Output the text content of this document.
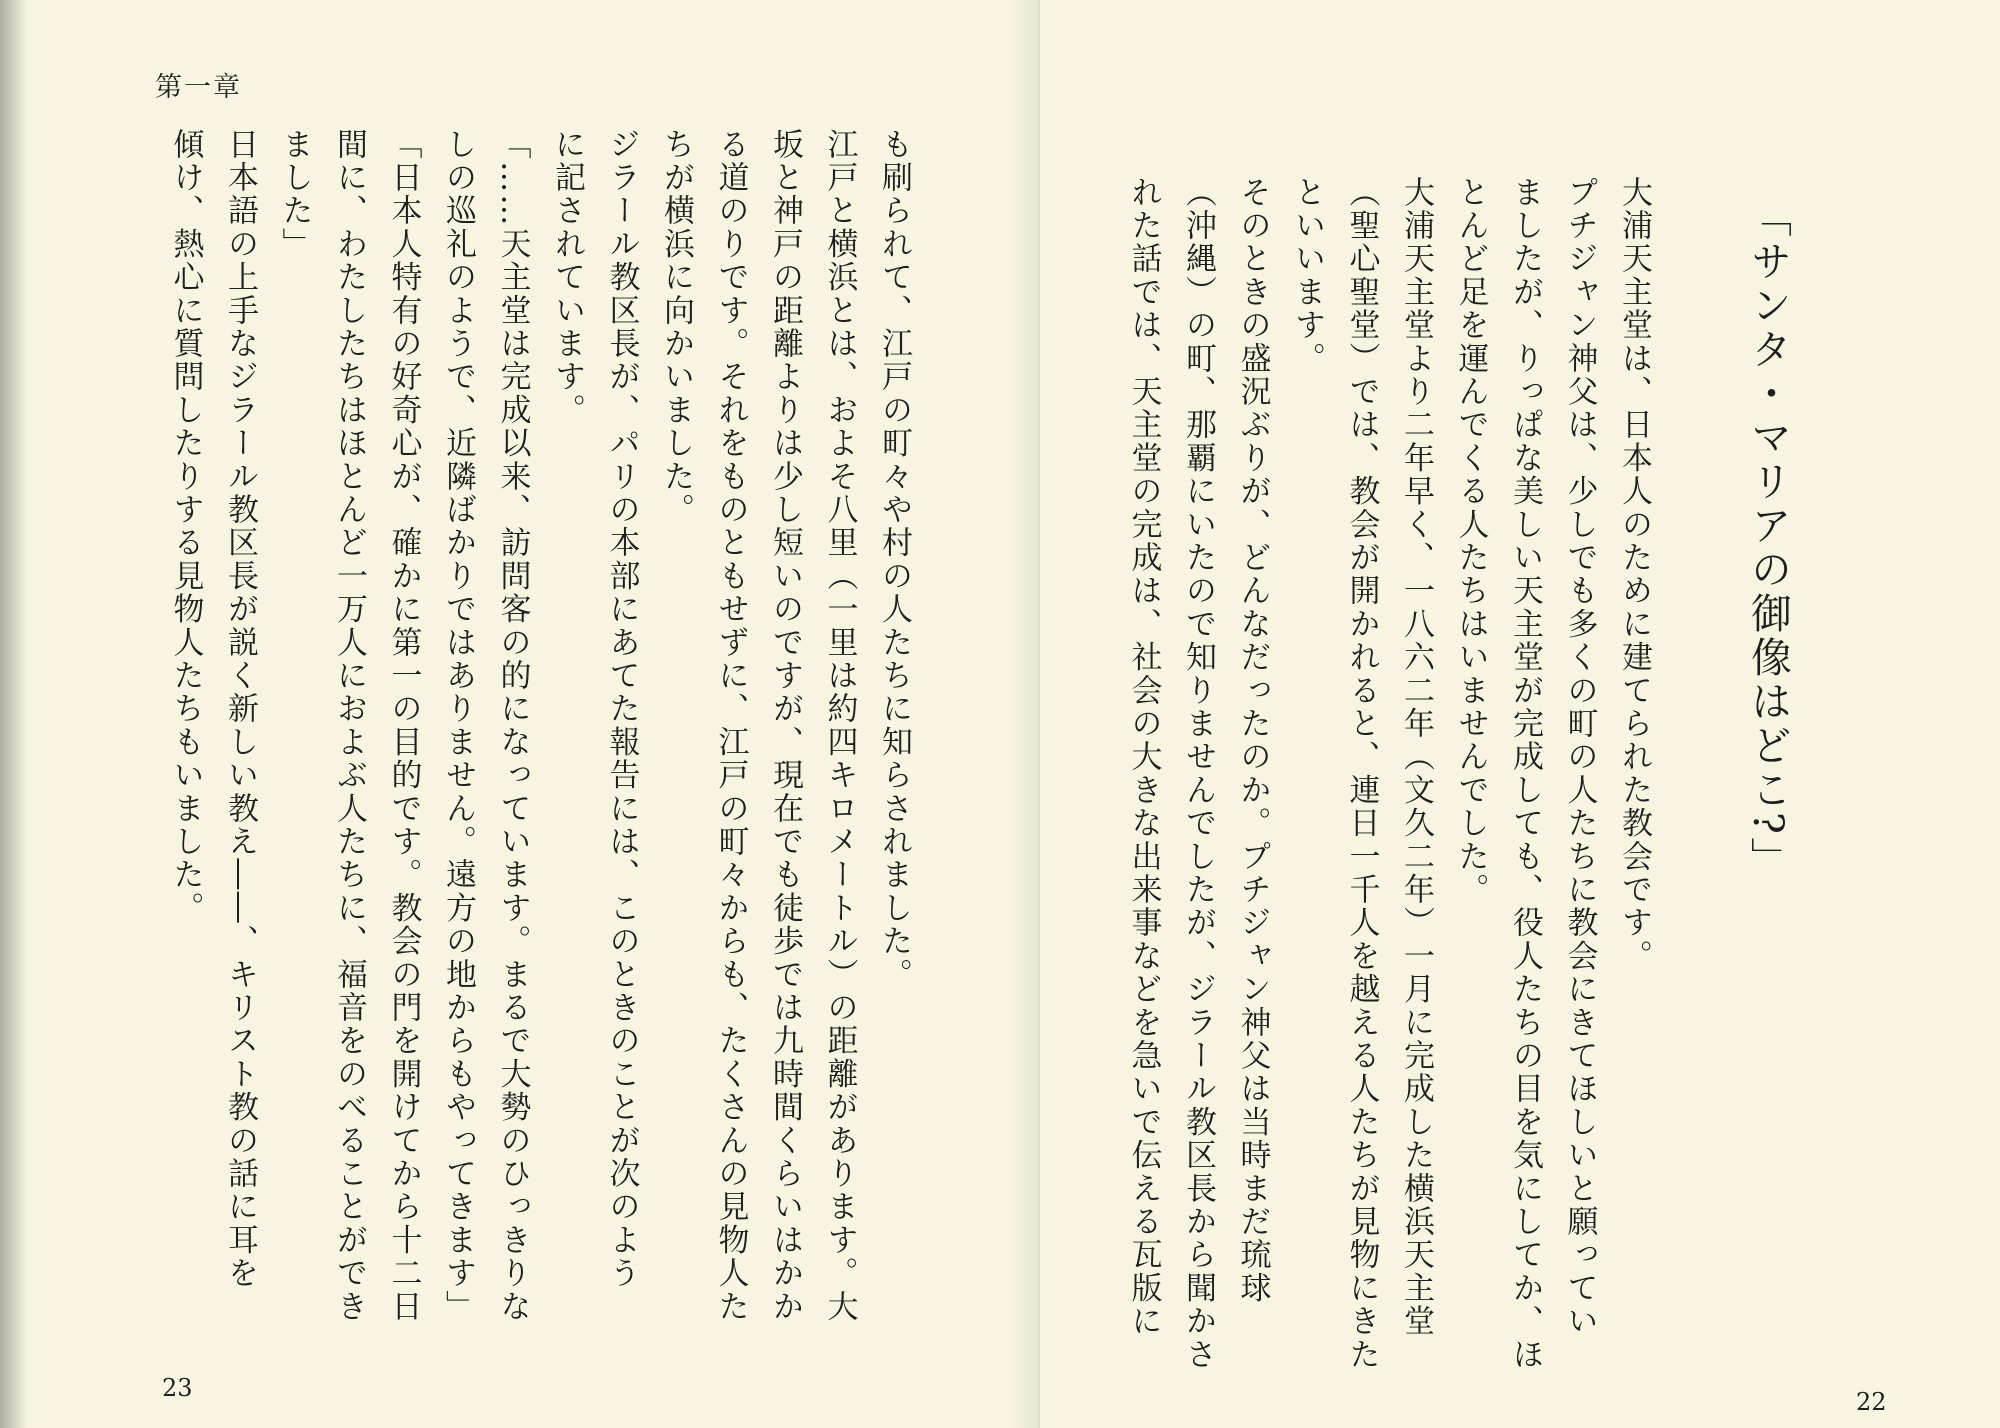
第一章

も刷られて、江戸の町々や村の人たちに知らされました。

江戸と横浜とは、およそ八里（一里は約四キロメートル）の距離があります。大

坂と神戸の距離よりは少し短いのですが、現在でも徒歩では九時間くらいはかか

る道のりです。それをものともせずに、江戸の町々からも、たくさんの見物人た

ちが横浜に向かいました。

ジラール教区長が、パリの本部にあてた報告には、このときのことが次のよう

に記されています。

「……天主堂は完成以来、訪問客の的になっています。まるで大勢のひっきりな

しの巡礼のようで、近隣ばかりではありません。遠方の地からもやってきます」

「日本人特有の好奇心が、確かに第一の目的です。教会の門を開けてから十二日

間に、わたしたちはほとんど一万人におよぶ人たちに、福音をのべることができ

ました」

日本語の上手なジラール教区長が説く新しい教え――、キリスト教の話に耳を

傾け、熱心に質問したりする見物人たちもいました。

23
「サンタ・マリアの御像はどこ?」

大浦天主堂は、日本人のために建てられた教会です。

プチジャン神父は、少しでも多くの町の人たちに教会にきてほしいと願ってい

ましたが、りっぱな美しい天主堂が完成しても、役人たちの目を気にしてか、ほ

とんど足を運んでくる人たちはいませんでした。

大浦天主堂より二年早く、一八六二年（文久二年）一月に完成した横浜天主堂

（聖心聖堂）では、教会が開かれると、連日一千人を越える人たちが見物にきた

といいます。

そのときの盛況ぶりが、どんなだったのか。プチジャン神父は当時まだ琉球

（沖縄）の町、那覇にいたので知りませんでしたが、ジラール教区長から聞かさ

れた話では、天主堂の完成は、社会の大きな出来事などを急いで伝える瓦版に

22
